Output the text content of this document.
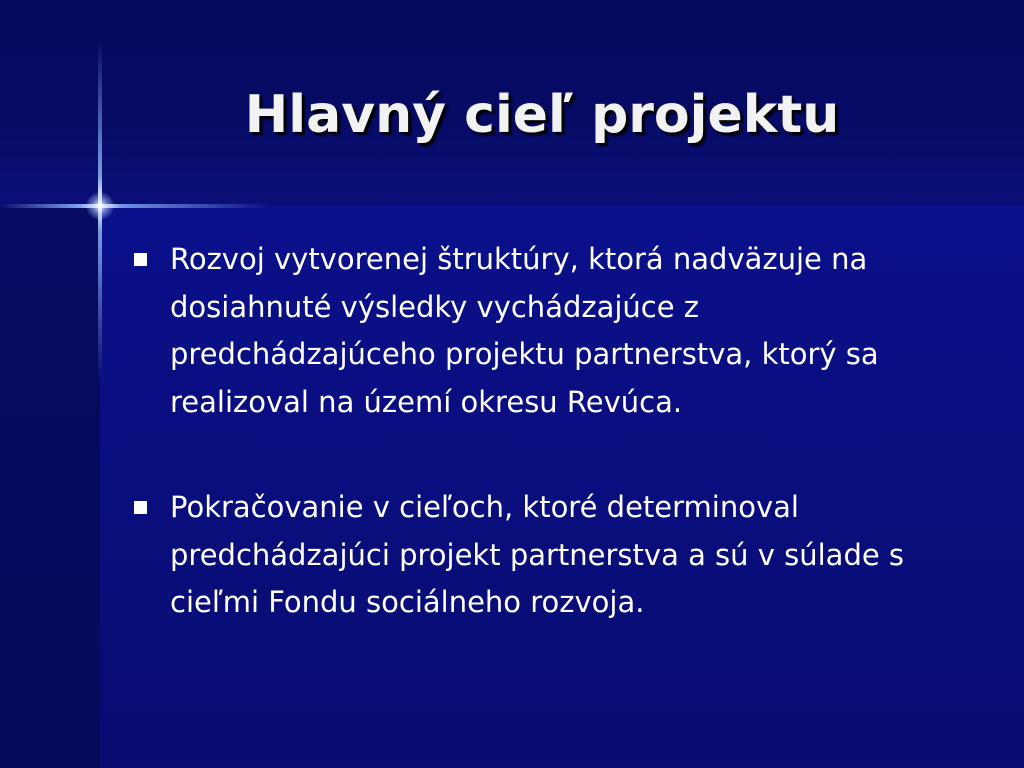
Hlavný cieľ projektu
Rozvoj vytvorenej štruktúry, ktorá nadväzuje na dosiahnuté výsledky vychádzajúce z predchádzajúceho projektu partnerstva, ktorý sa realizoval na území okresu Revúca.
Pokračovanie v cieľoch, ktoré determinoval predchádzajúci projekt partnerstva a sú v súlade s cieľmi Fondu sociálneho rozvoja.
